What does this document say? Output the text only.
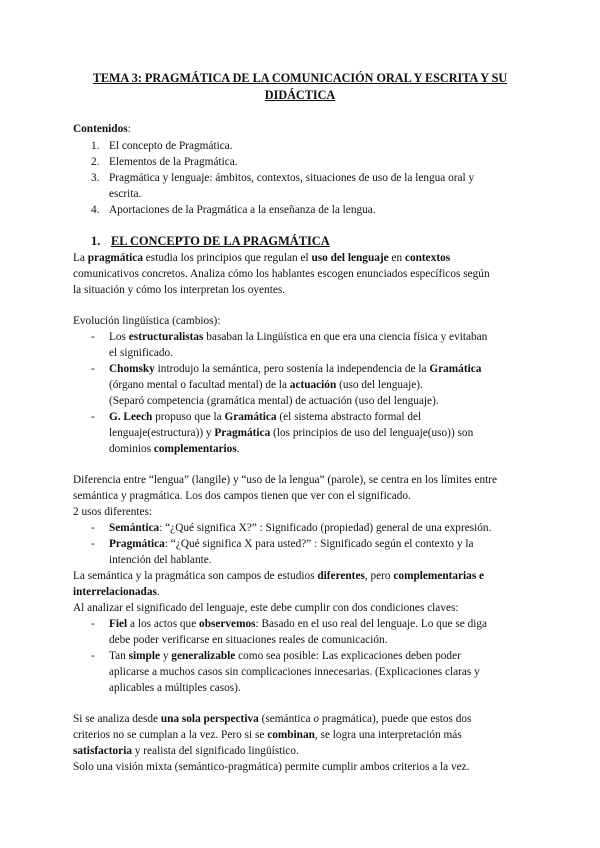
TEMA 3: PRAGMÁTICA DE LA COMUNICACIÓN ORAL Y ESCRITA Y SU DIDÁCTICA
Contenidos:
1. El concepto de Pragmática.
2. Elementos de la Pragmática.
3. Pragmática y lenguaje: ámbitos, contextos, situaciones de uso de la lengua oral y
escrita.
4. Aportaciones de la Pragmática a la enseñanza de la lengua.
1. EL CONCEPTO DE LA PRAGMÁTICA
La pragmática estudia los principios que regulan el uso del lenguaje en contextos
comunicativos concretos. Analiza cómo los hablantes escogen enunciados específicos según
la situación y cómo los interpretan los oyentes.
Evolución lingüística (cambios):
- Los estructuralistas basaban la Lingüística en que era una ciencia física y evitaban
el significado.
- Chomsky introdujo la semántica, pero sostenía la independencia de la Gramática
(órgano mental o facultad mental) de la actuación (uso del lenguaje).
(Separó competencia (gramática mental) de actuación (uso del lenguaje).
- G. Leech propuso que la Gramática (el sistema abstracto formal del
lenguaje(estructura)) y Pragmática (los principios de uso del lenguaje(uso)) son
dominios complementarios.
Diferencia entre “lengua” (langile) y “uso de la lengua” (parole), se centra en los límites entre
semántica y pragmática. Los dos campos tienen que ver con el significado.
2 usos diferentes:
- Semántica: “¿Qué significa X?” : Significado (propiedad) general de una expresión.
- Pragmática: “¿Qué significa X para usted?” : Significado según el contexto y la
intención del hablante.
La semántica y la pragmática son campos de estudios diferentes, pero complementarias e
interrelacionadas.
Al analizar el significado del lenguaje, este debe cumplir con dos condiciones claves:
- Fiel a los actos que observemos: Basado en el uso real del lenguaje. Lo que se diga
debe poder verificarse en situaciones reales de comunicación.
- Tan simple y generalizable como sea posible: Las explicaciones deben poder
aplicarse a muchos casos sin complicaciones innecesarias. (Explicaciones claras y
aplicables a múltiples casos).
Si se analiza desde una sola perspectiva (semántica o pragmática), puede que estos dos
criterios no se cumplan a la vez. Pero si se combinan, se logra una interpretación más
satisfactoria y realista del significado lingüístico.
Solo una visión mixta (semántico-pragmática) permite cumplir ambos criterios a la vez.
